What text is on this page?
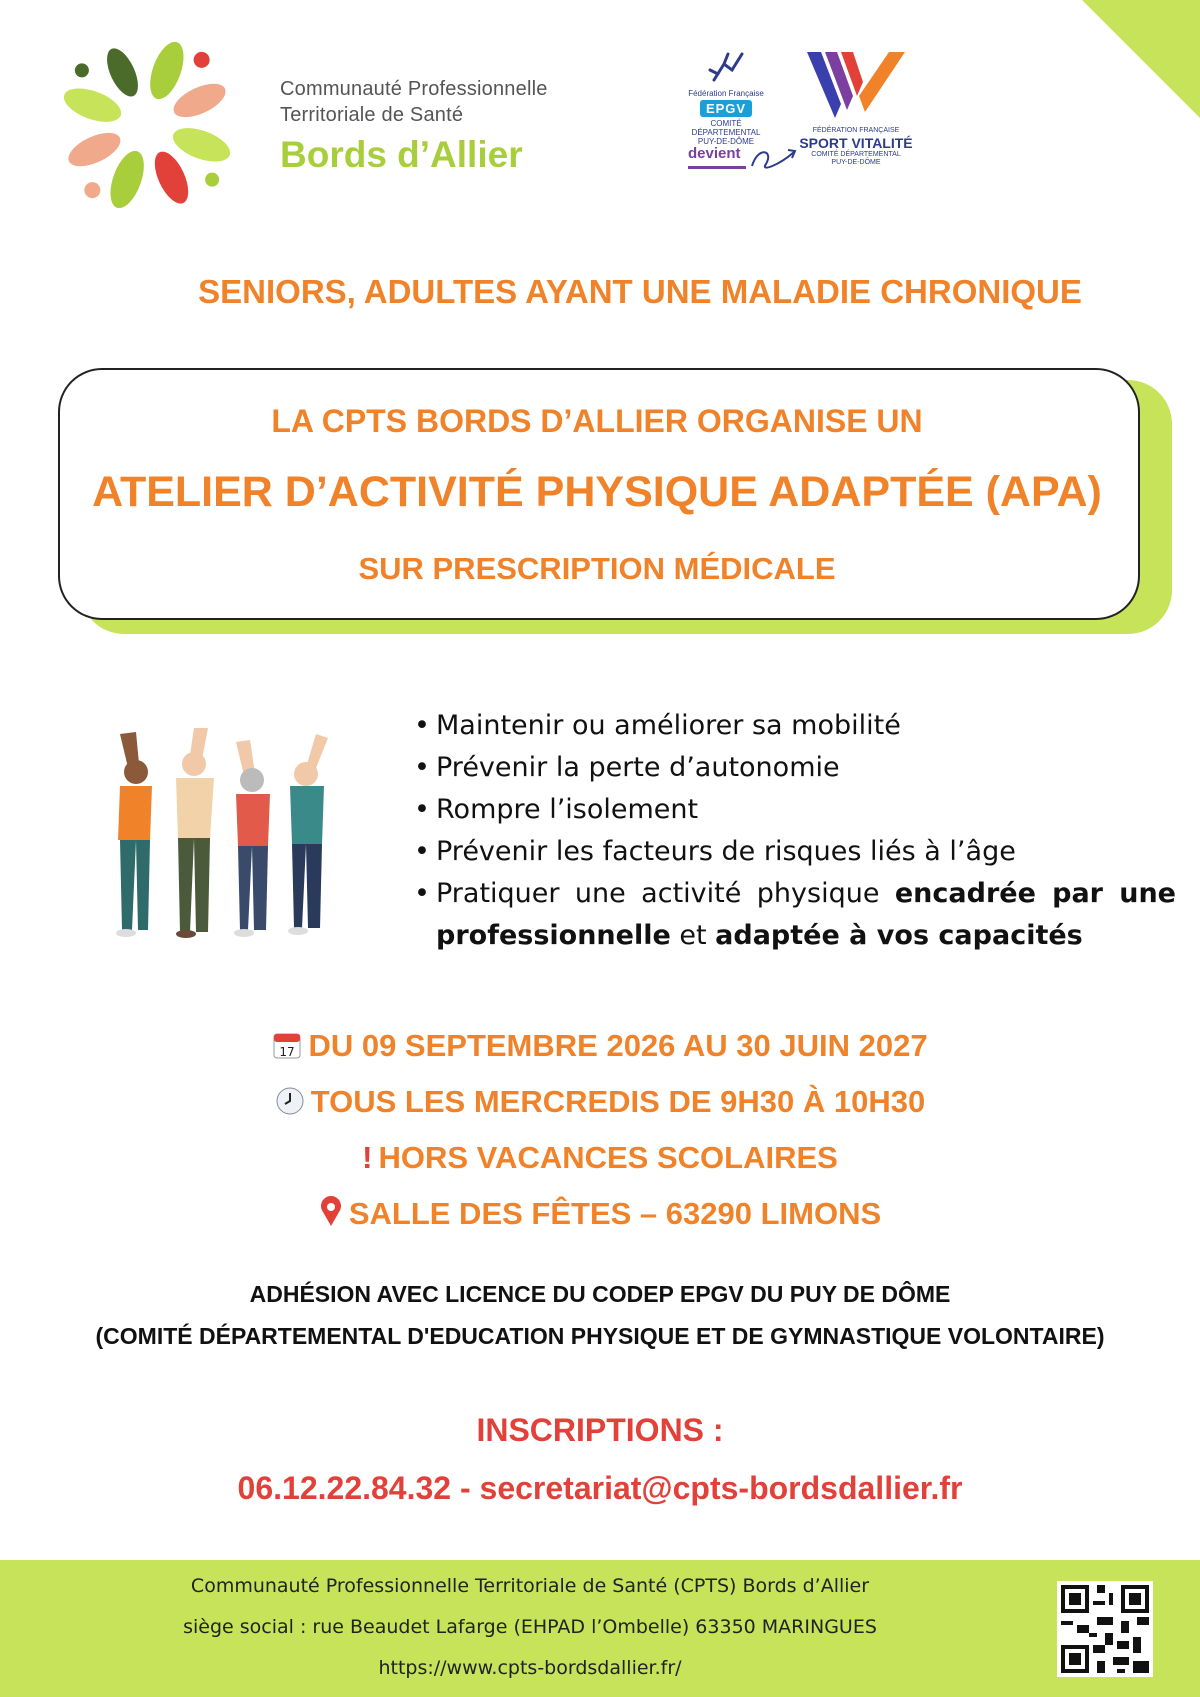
Communauté Professionnelle
Territoriale de Santé
Bords d’Allier
Fédération Française
EPGV
COMITÉ DÉPARTEMENTAL
PUY-DE-DÔME
devient
FÉDÉRATION FRANÇAISE
SPORT VITALITÉ
COMITÉ DÉPARTEMENTAL
PUY-DE-DÔME
SENIORS, ADULTES AYANT UNE MALADIE CHRONIQUE
LA CPTS BORDS D’ALLIER ORGANISE UN
ATELIER D’ACTIVITÉ PHYSIQUE ADAPTÉE (APA)
SUR PRESCRIPTION MÉDICALE
• Maintenir ou améliorer sa mobilité
• Prévenir la perte d’autonomie
• Rompre l’isolement
• Prévenir les facteurs de risques liés à l’âge
• Pratiquer une activité physique encadrée par une professionnelle et adaptée à vos capacités
17 DU 09 SEPTEMBRE 2026 AU 30 JUIN 2027
TOUS LES MERCREDIS DE 9H30 À 10H30
! HORS VACANCES SCOLAIRES
SALLE DES FÊTES – 63290 LIMONS
ADHÉSION AVEC LICENCE DU CODEP EPGV DU PUY DE DÔME
(COMITÉ DÉPARTEMENTAL D'EDUCATION PHYSIQUE ET DE GYMNASTIQUE VOLONTAIRE)
INSCRIPTIONS :
06.12.22.84.32 - secretariat@cpts-bordsdallier.fr
Communauté Professionnelle Territoriale de Santé (CPTS) Bords d’Allier
siège social : rue Beaudet Lafarge (EHPAD l’Ombelle) 63350 MARINGUES
https://www.cpts-bordsdallier.fr/
